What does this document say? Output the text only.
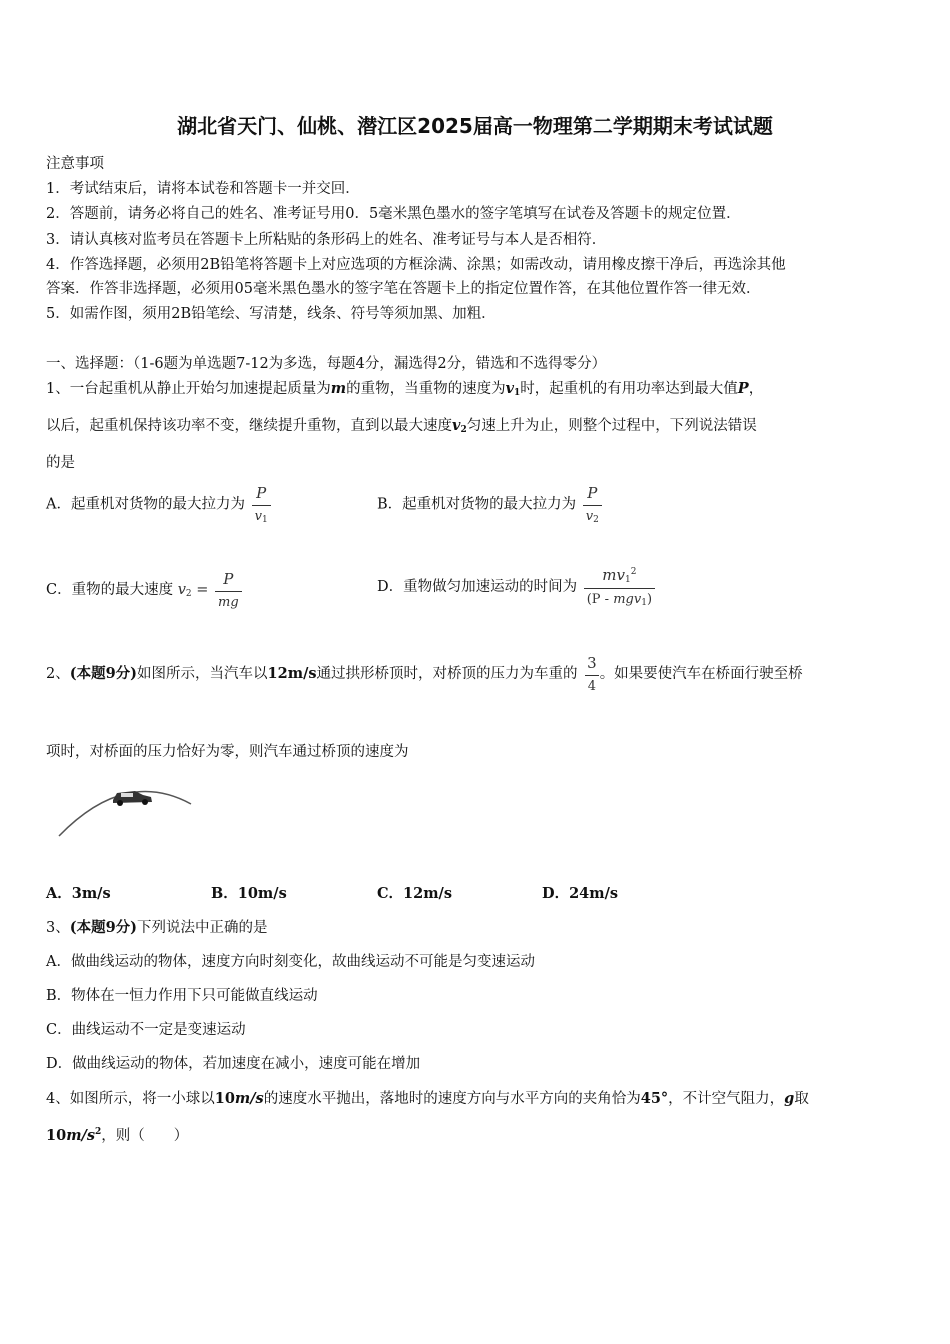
湖北省天门、仙桃、潜江区2025届高一物理第二学期期末考试试题
注意事项
1．考试结束后，请将本试卷和答题卡一并交回．
2．答题前，请务必将自己的姓名、准考证号用0．5毫米黑色墨水的签字笔填写在试卷及答题卡的规定位置．
3．请认真核对监考员在答题卡上所粘贴的条形码上的姓名、准考证号与本人是否相符．
4．作答选择题，必须用2B铅笔将答题卡上对应选项的方框涂满、涂黑；如需改动，请用橡皮擦干净后，再选涂其他
答案．作答非选择题，必须用05毫米黑色墨水的签字笔在答题卡上的指定位置作答，在其他位置作答一律无效．
5．如需作图，须用2B铅笔绘、写清楚，线条、符号等须加黑、加粗．
一、选择题：（1-6题为单选题7-12为多选，每题4分，漏选得2分，错选和不选得零分）
1、一台起重机从静止开始匀加速提起质量为m的重物，当重物的速度为$v_1$时，起重机的有用功率达到最大值P，
以后，起重机保持该功率不变，继续提升重物，直到以最大速度$v_2$匀速上升为止，则整个过程中，下列说法错误
的是
A．起重机对货物的最大拉力为 $\frac{P}{v_1}$	B．起重机对货物的最大拉力为 $\frac{P}{v_2}$
C．重物的最大速度 $v_2 = \frac{P}{mg}$	D．重物做匀加速运动的时间为 $\frac{mv_1^2}{(P - mgv_1)}$
2、(本题9分)如图所示，当汽车以12m/s通过拱形桥顶时，对桥顶的压力为车重的 $\frac{3}{4}$ 。如果要使汽车在桥面行驶至桥
项时，对桥面的压力恰好为零，则汽车通过桥顶的速度为
A．3m/s	B．10m/s	C．12m/s	D．24m/s
3、(本题9分)下列说法中正确的是
A．做曲线运动的物体，速度方向时刻变化，故曲线运动不可能是匀变速运动
B．物体在一恒力作用下只可能做直线运动
C．曲线运动不一定是变速运动
D．做曲线运动的物体，若加速度在减小，速度可能在增加
4、如图所示，将一小球以10m/s的速度水平抛出，落地时的速度方向与水平方向的夹角恰为45°，不计空气阻力，g取
$10m/s^2$，则（　　）
